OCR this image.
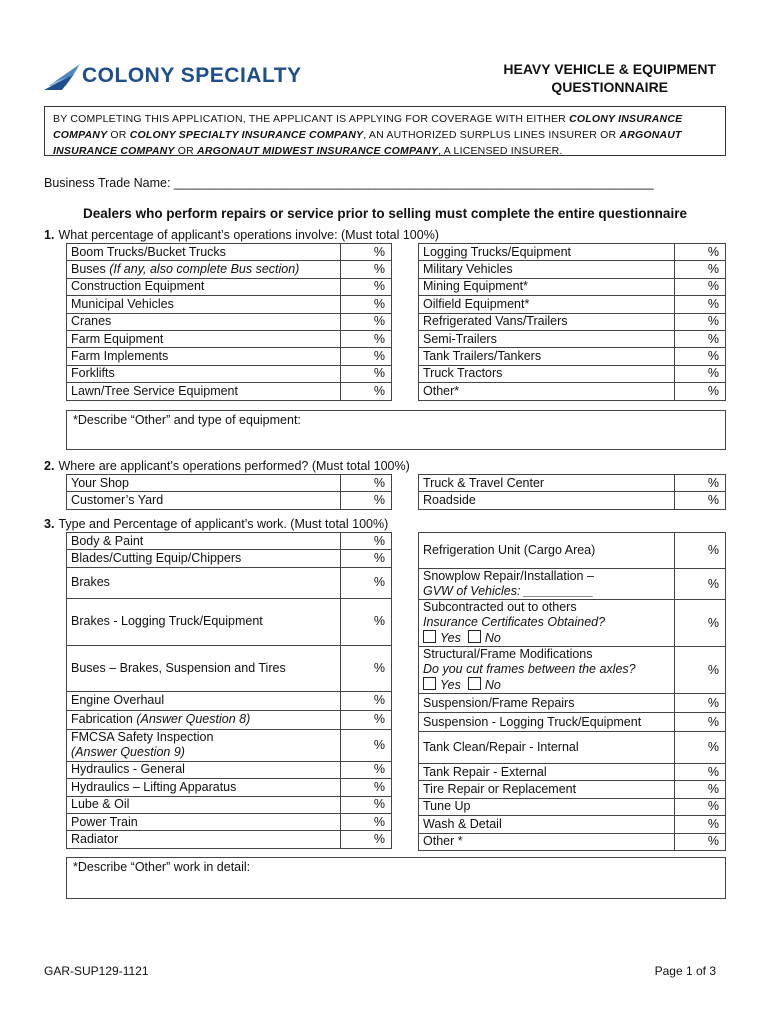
COLONY SPECIALTY	HEAVY VEHICLE & EQUIPMENT
QUESTIONNAIRE
BY COMPLETING THIS APPLICATION, THE APPLICANT IS APPLYING FOR COVERAGE WITH EITHER COLONY INSURANCE COMPANY OR COLONY SPECIALTY INSURANCE COMPANY, AN AUTHORIZED SURPLUS LINES INSURER OR ARGONAUT INSURANCE COMPANY OR ARGONAUT MIDWEST INSURANCE COMPANY, A LICENSED INSURER.
Business Trade Name: _____________________________________________________________________
Dealers who perform repairs or service prior to selling must complete the entire questionnaire
1. What percentage of applicant’s operations involve: (Must total 100%)
Boom Trucks/Bucket Trucks	%
Buses (If any, also complete Bus section)	%
Construction Equipment	%
Municipal Vehicles	%
Cranes	%
Farm Equipment	%
Farm Implements	%
Forklifts	%
Lawn/Tree Service Equipment	%
Logging Trucks/Equipment	%
Military Vehicles	%
Mining Equipment*	%
Oilfield Equipment*	%
Refrigerated Vans/Trailers	%
Semi-Trailers	%
Tank Trailers/Tankers	%
Truck Tractors	%
Other*	%
*Describe “Other” and type of equipment:
2. Where are applicant’s operations performed? (Must total 100%)
Your Shop	%
Customer’s Yard	%
Truck & Travel Center	%
Roadside	%
3. Type and Percentage of applicant’s work. (Must total 100%)
Body & Paint	%
Blades/Cutting Equip/Chippers	%
Brakes	%
Brakes - Logging Truck/Equipment	%
Buses – Brakes, Suspension and Tires	%
Engine Overhaul	%
Fabrication (Answer Question 8)	%

FMCSA Safety Inspection
(Answer Question 9)	%
Hydraulics - General	%
Hydraulics – Lifting Apparatus	%
Lube & Oil	%
Power Train	%
Radiator	%
Refrigeration Unit (Cargo Area)	%

Snowplow Repair/Installation –
GVW of Vehicles: __________	%

Subcontracted out to others
Insurance Certificates Obtained?
Yes No	%

Structural/Frame Modifications
Do you cut frames between the axles?
Yes No	%
Suspension/Frame Repairs	%
Suspension - Logging Truck/Equipment	%
Tank Clean/Repair - Internal	%
Tank Repair - External	%
Tire Repair or Replacement	%
Tune Up	%
Wash & Detail	%
Other *	%
*Describe “Other” work in detail:
GAR-SUP129-1121	Page 1 of 3
